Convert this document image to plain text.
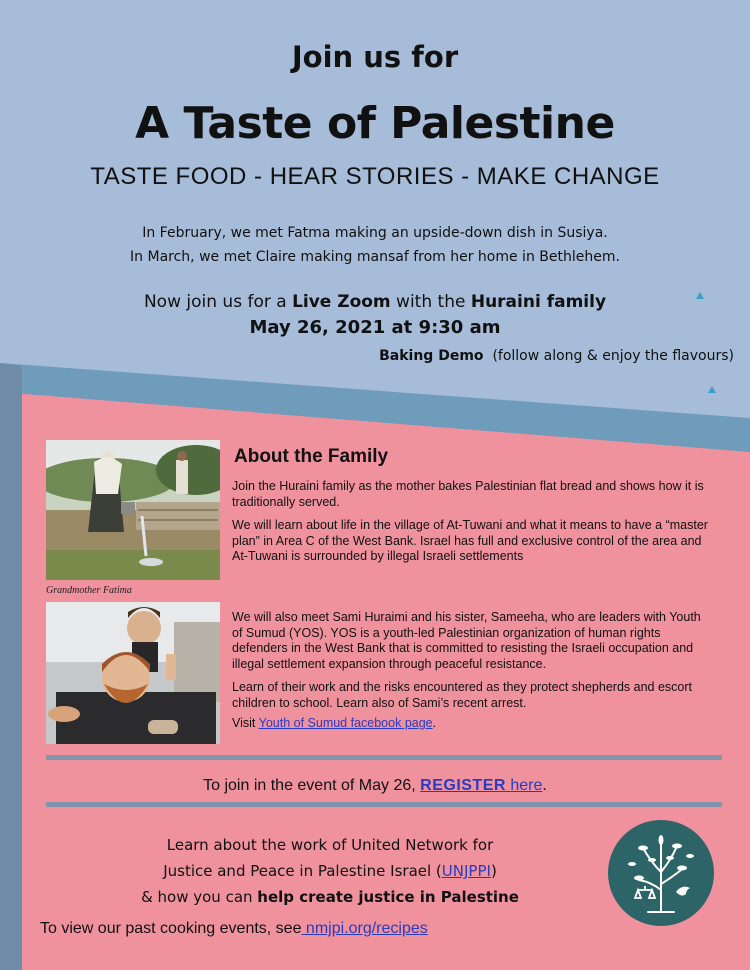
Join us for
A Taste of Palestine
TASTE FOOD - HEAR STORIES - MAKE CHANGE
In February, we met Fatma making an upside-down dish in Susiya.
In March, we met Claire making mansaf from her home in Bethlehem.
Now join us for a Live Zoom with the Huraini family
May 26, 2021 at 9:30 am
Baking Demo (follow along & enjoy the flavours)
Grandmother Fatima
About the Family
Join the Huraini family as the mother bakes Palestinian flat bread and shows how it is traditionally served.
We will learn about life in the village of At-Tuwani and what it means to have a “master plan” in Area C of the West Bank. Israel has full and exclusive control of the area and At-Tuwani is surrounded by illegal Israeli settlements
We will also meet Sami Huraimi and his sister, Sameeha, who are leaders with Youth of Sumud (YOS). YOS is a youth-led Palestinian organization of human rights defenders in the West Bank that is committed to resisting the Israeli occupation and illegal settlement expansion through peaceful resistance.
Learn of their work and the risks encountered as they protect shepherds and escort children to school. Learn also of Sami’s recent arrest.
Visit Youth of Sumud facebook page.
To join in the event of May 26, REGISTER here.
Learn about the work of United Network for
Justice and Peace in Palestine Israel (UNJPPI)
& how you can help create justice in Palestine
To view our past cooking events, see nmjpi.org/recipes
